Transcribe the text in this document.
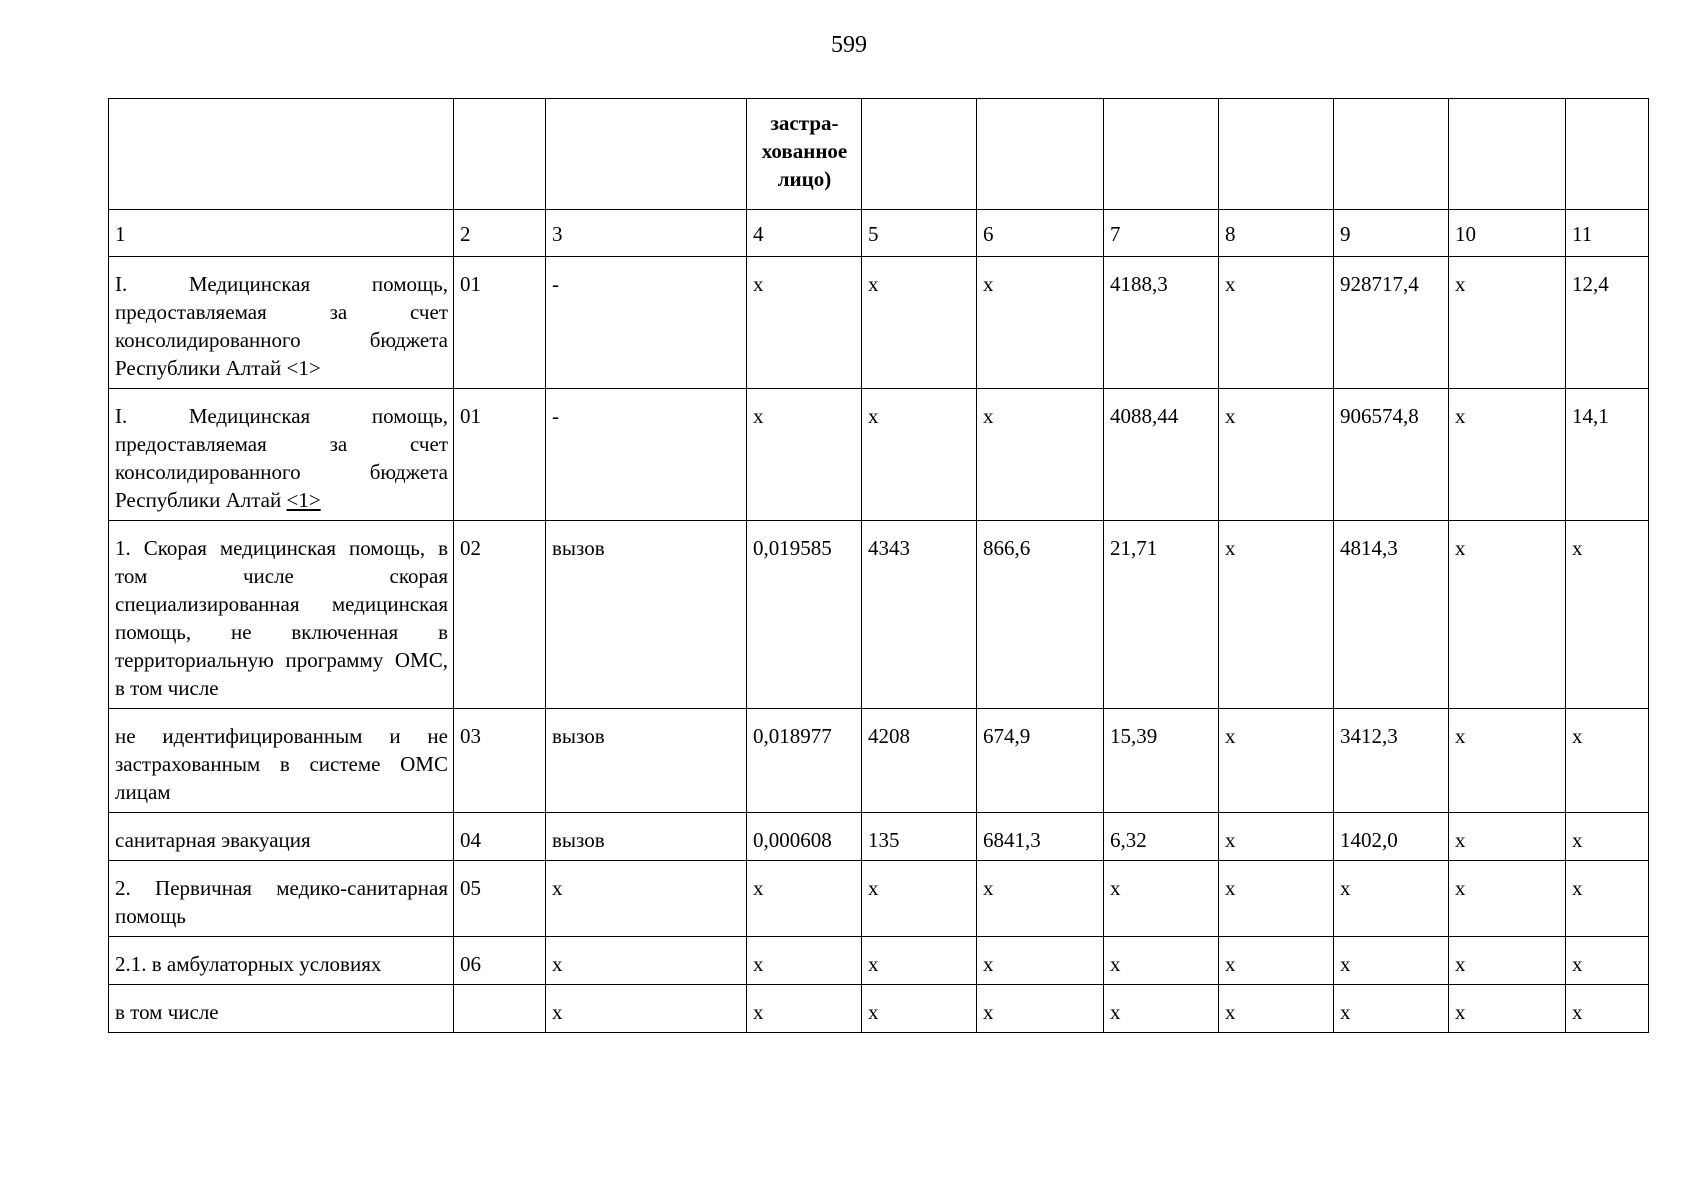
599
			застра-хованное лицо)							
1	2	3	4	5	6	7	8	9	10	11
I. Медицинская помощь, предоставляемая за счет консолидированного бюджета Республики Алтай <1>	01	-	х	х	х	4188,3	х	928717,4	х	12,4
I. Медицинская помощь, предоставляемая за счет консолидированного бюджета Республики Алтай <1>	01	-	х	х	х	4088,44	х	906574,8	х	14,1
1. Скорая медицинская помощь, в том числе скорая специализированная медицинская помощь, не включенная в территориальную программу ОМС, в том числе	02	вызов	0,019585	4343	866,6	21,71	х	4814,3	х	х
не идентифицированным и не застрахованным в системе ОМС лицам	03	вызов	0,018977	4208	674,9	15,39	х	3412,3	х	х
санитарная эвакуация	04	вызов	0,000608	135	6841,3	6,32	х	1402,0	х	х
2. Первичная медико-санитарная помощь	05	х	х	х	х	х	х	х	х	х
2.1. в амбулаторных условиях	06	х	х	х	х	х	х	х	х	х
в том числе		х	х	х	х	х	х	х	х	х
